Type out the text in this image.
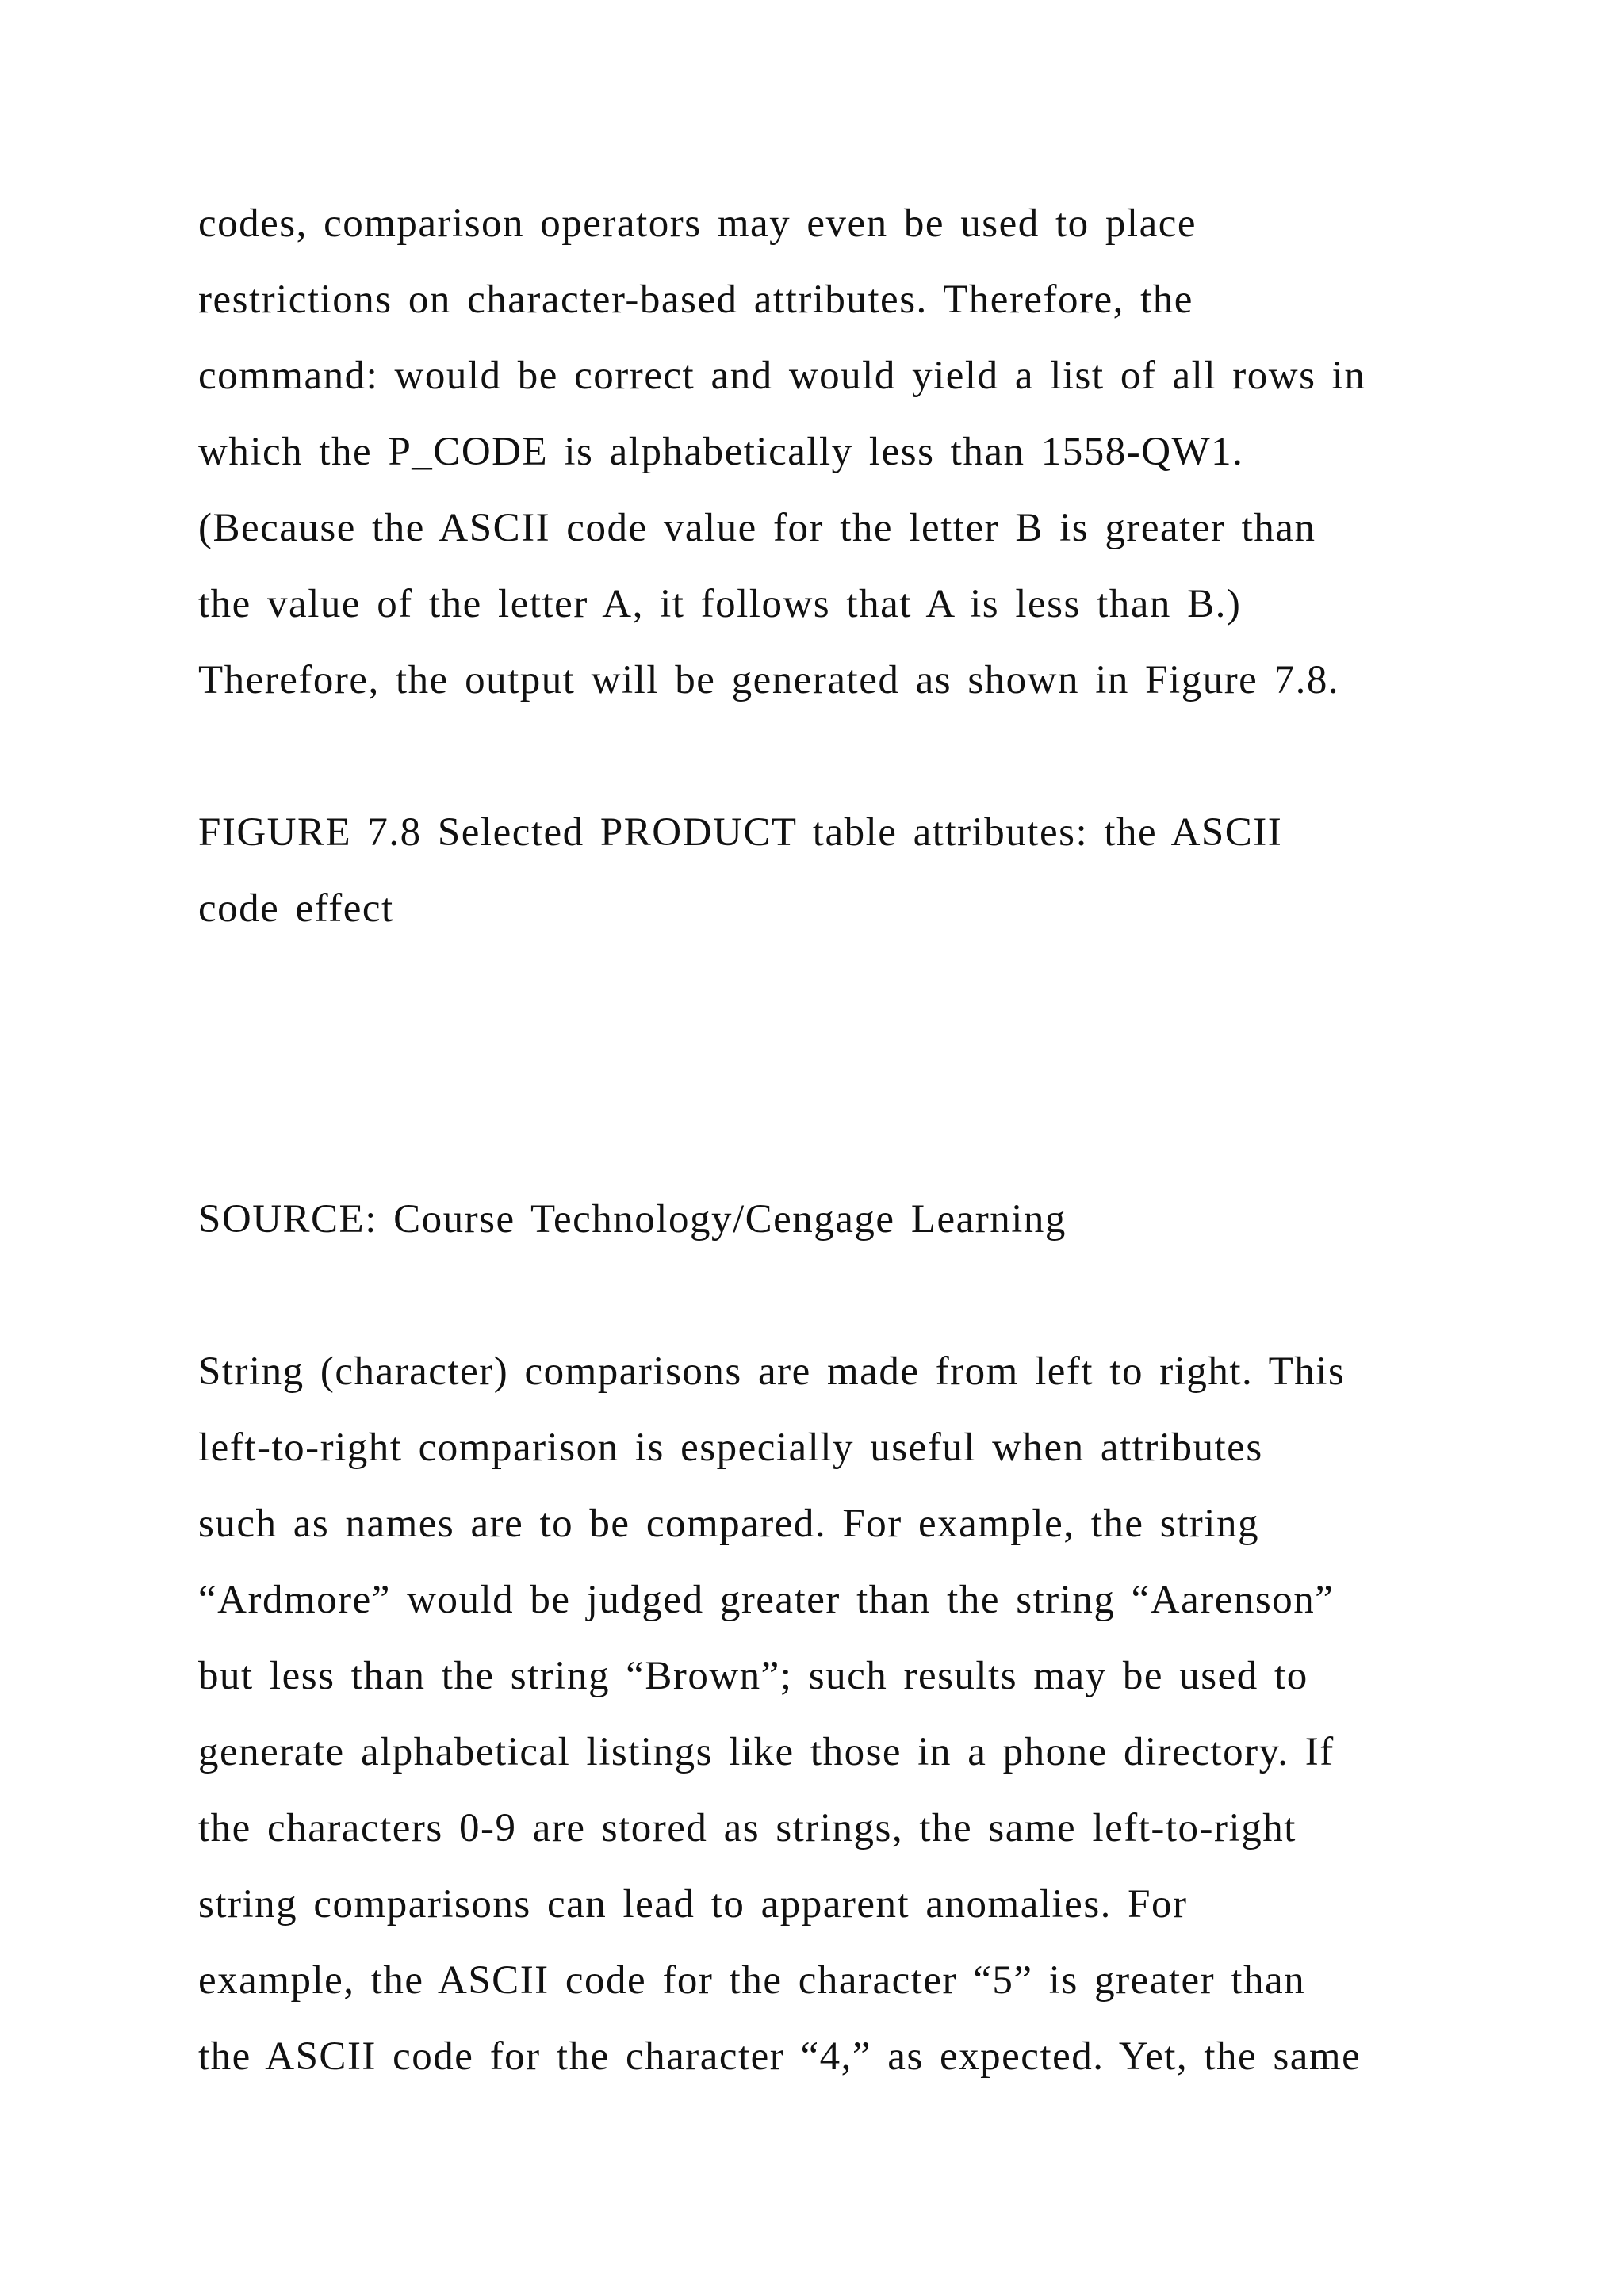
codes, comparison operators may even be used to place
restrictions on character-based attributes. Therefore, the
command: would be correct and would yield a list of all rows in
which the P_CODE is alphabetically less than 1558-QW1.
(Because the ASCII code value for the letter B is greater than
the value of the letter A, it follows that A is less than B.)
Therefore, the output will be generated as shown in Figure 7.8.
FIGURE 7.8 Selected PRODUCT table attributes: the ASCII
code effect
SOURCE: Course Technology/Cengage Learning
String (character) comparisons are made from left to right. This
left-to-right comparison is especially useful when attributes
such as names are to be compared. For example, the string
“Ardmore” would be judged greater than the string “Aarenson”
but less than the string “Brown”; such results may be used to
generate alphabetical listings like those in a phone directory. If
the characters 0-9 are stored as strings, the same left-to-right
string comparisons can lead to apparent anomalies. For
example, the ASCII code for the character “5” is greater than
the ASCII code for the character “4,” as expected. Yet, the same
